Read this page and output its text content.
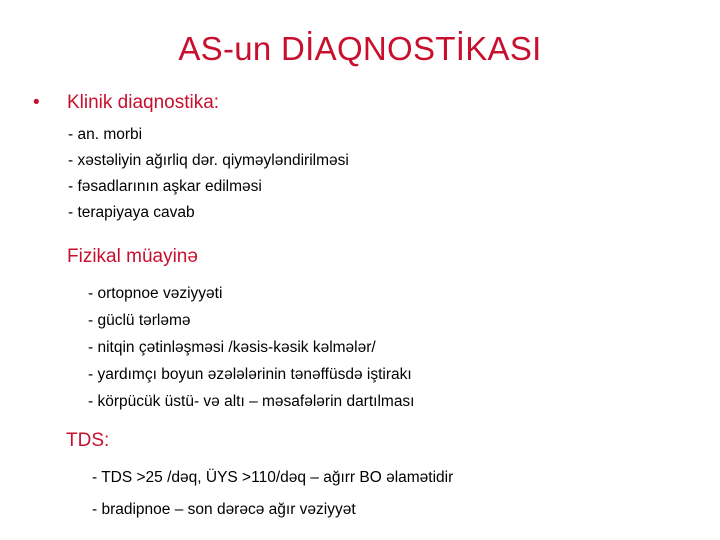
AS-un DİAQNOSTİKASI
• Klinik diaqnostika:
- an. morbi
- xəstəliyin ağırliq dər. qiyməyləndirilməsi
- fəsadlarının aşkar edilməsi
- terapiyaya cavab
Fizikal müayinə
- ortopnoe vəziyyəti
- güclü tərləmə
- nitqin çətinləşməsi /kəsis-kəsik kəlmələr/
- yardımçı boyun əzələlərinin tənəffüsdə iştirakı
- körpücük üstü- və altı – məsafələrin dartılması
TDS:
- TDS >25 /dəq, ÜYS >110/dəq – ağırr BO əlamətidir
- bradipnoe – son dərəcə ağır vəziyyət
